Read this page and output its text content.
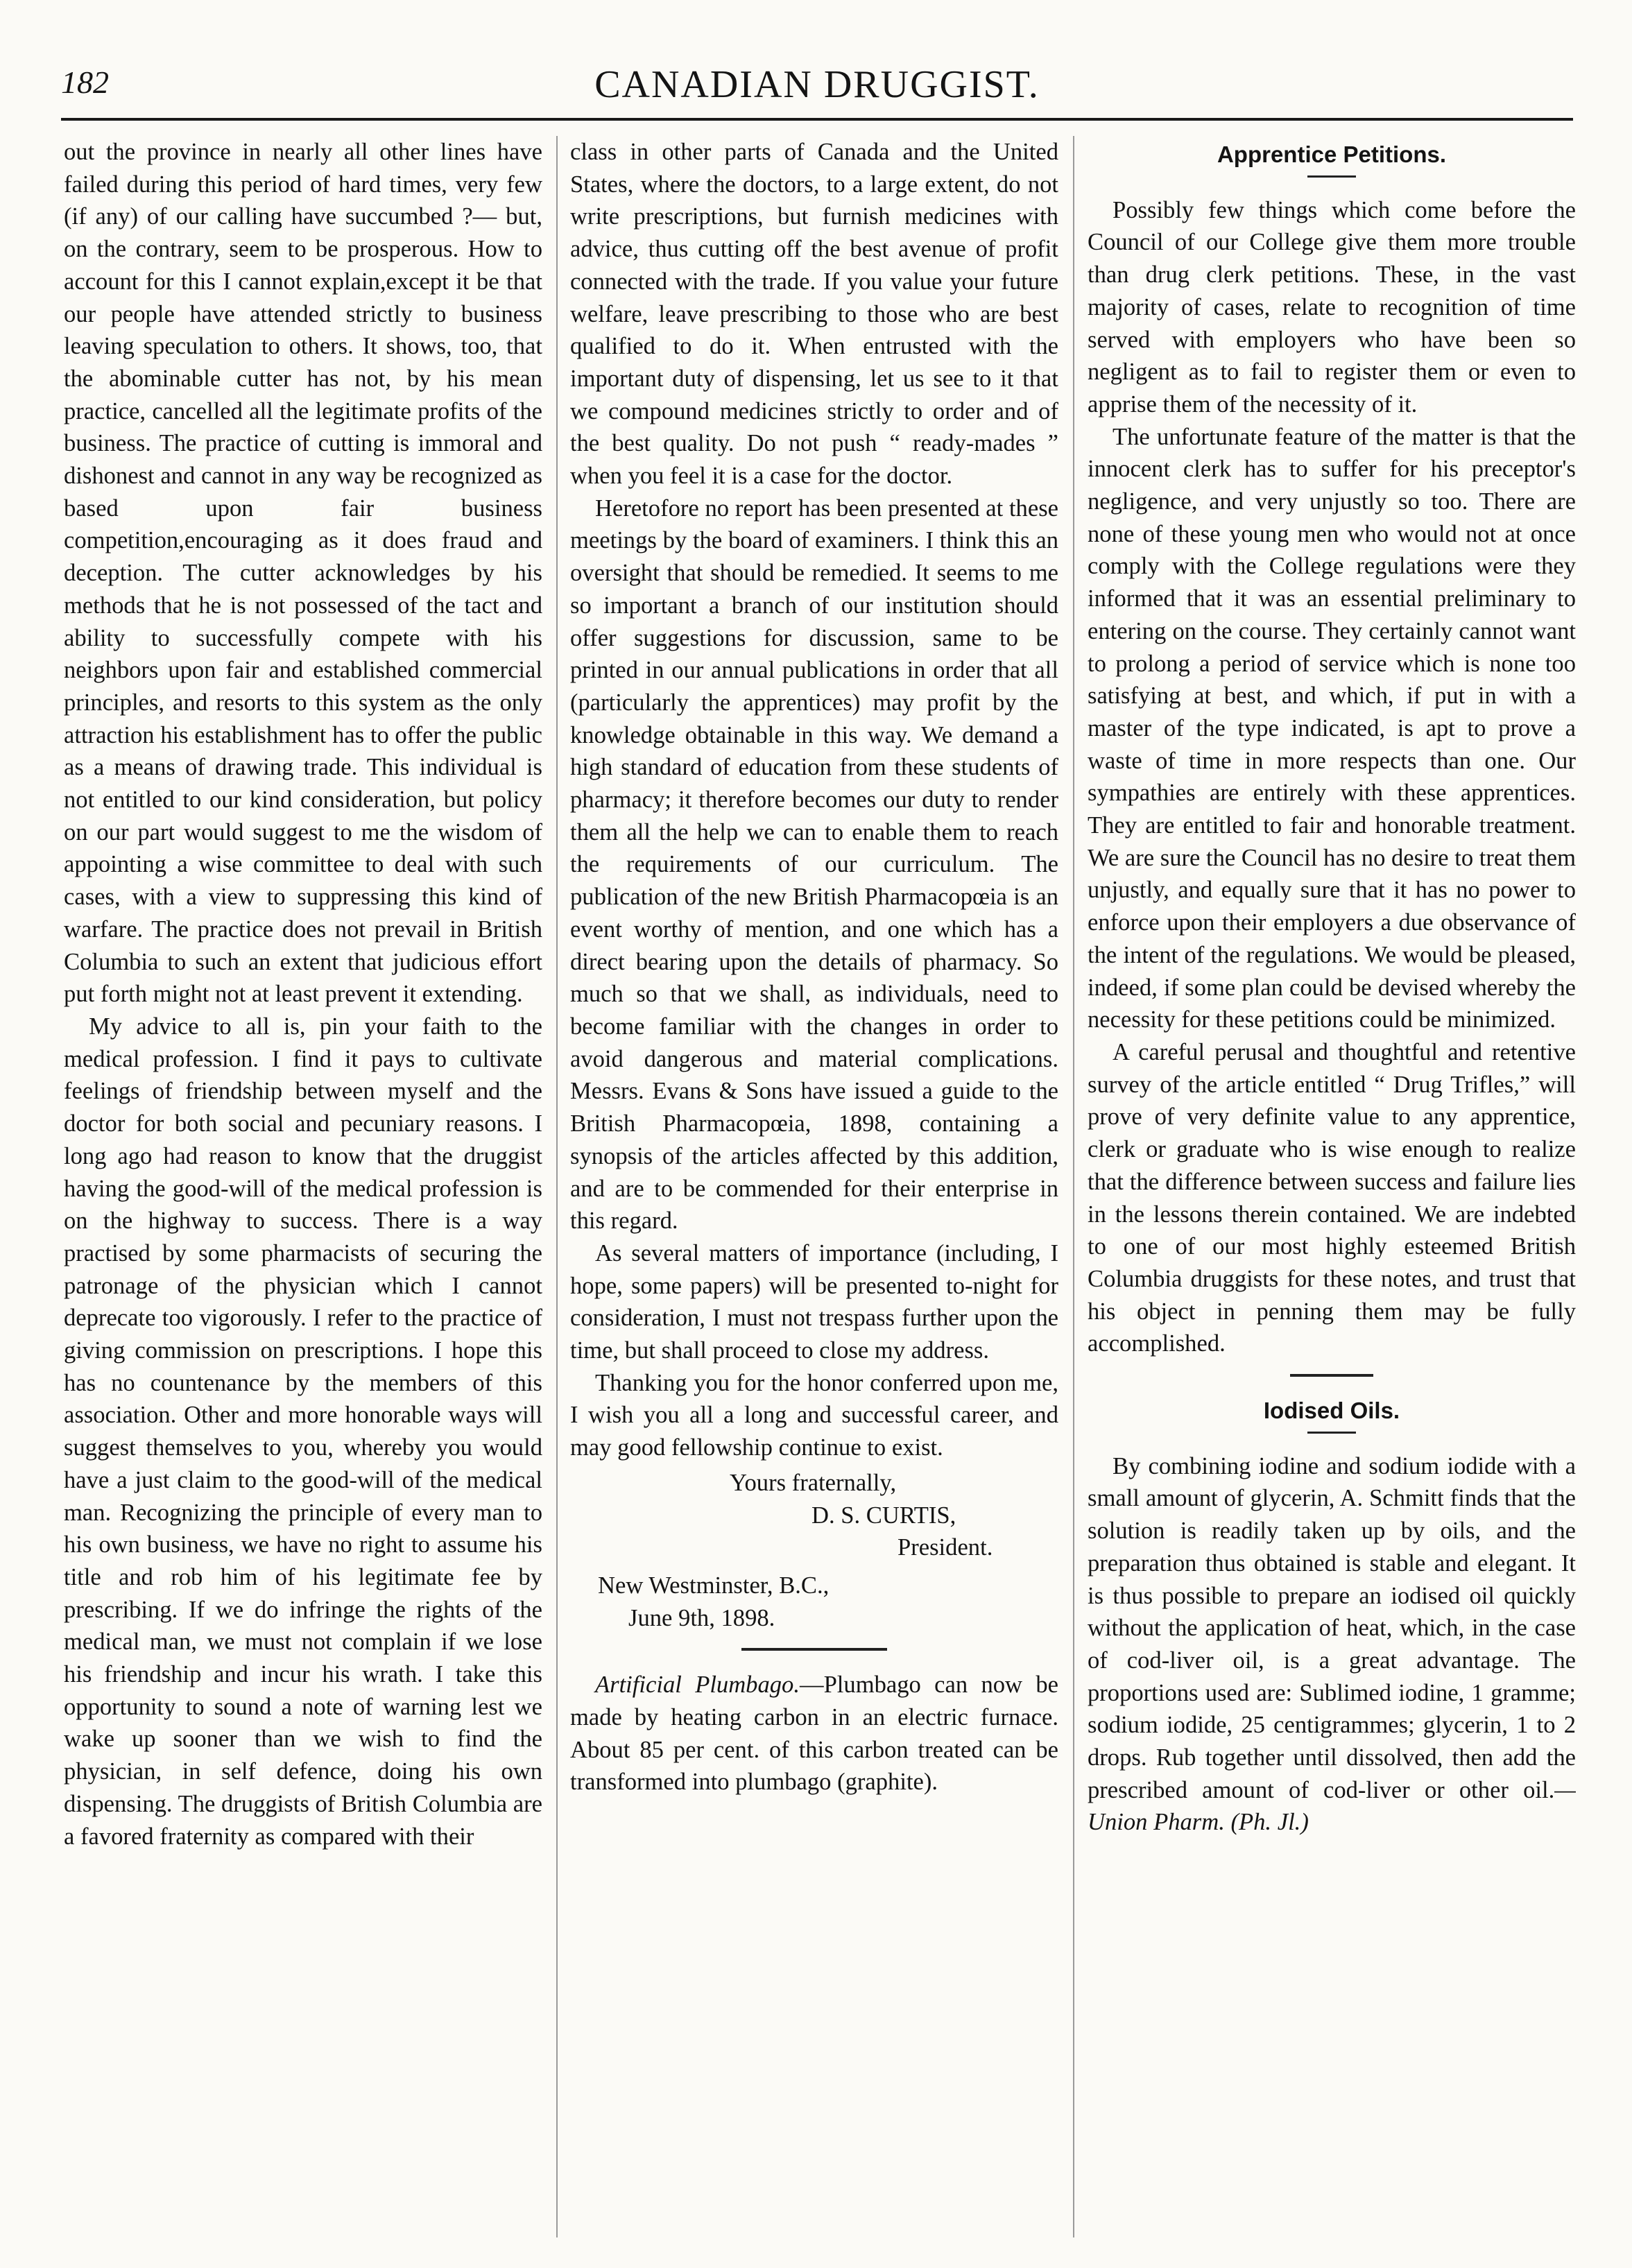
182	CANADIAN DRUGGIST.

out the province in nearly all other lines have failed during this period of hard times, very few (if any) of our calling have succumbed ?— but, on the contrary, seem to be prosperous. How to account for this I cannot explain,except it be that our people have attended strictly to business leaving speculation to others. It shows, too, that the abominable cutter has not, by his mean practice, cancelled all the legitimate profits of the business. The practice of cutting is immoral and dishonest and cannot in any way be recognized as based upon fair business competition,encouraging as it does fraud and deception. The cutter acknowledges by his methods that he is not possessed of the tact and ability to successfully compete with his neighbors upon fair and established commercial principles, and resorts to this system as the only attraction his establishment has to offer the public as a means of drawing trade. This individual is not entitled to our kind consideration, but policy on our part would suggest to me the wisdom of appointing a wise committee to deal with such cases, with a view to suppressing this kind of warfare. The practice does not prevail in British Columbia to such an extent that judicious effort put forth might not at least prevent it extending.

My advice to all is, pin your faith to the medical profession. I find it pays to cultivate feelings of friendship between myself and the doctor for both social and pecuniary reasons. I long ago had reason to know that the druggist having the good-will of the medical profession is on the highway to success. There is a way practised by some pharmacists of securing the patronage of the physician which I cannot deprecate too vigorously. I refer to the practice of giving commission on prescriptions. I hope this has no countenance by the members of this association. Other and more honorable ways will suggest themselves to you, whereby you would have a just claim to the good-will of the medical man. Recognizing the principle of every man to his own business, we have no right to assume his title and rob him of his legitimate fee by prescribing. If we do infringe the rights of the medical man, we must not complain if we lose his friendship and incur his wrath. I take this opportunity to sound a note of warning lest we wake up sooner than we wish to find the physician, in self defence, doing his own dispensing. The druggists of British Columbia are a favored fraternity as compared with their

class in other parts of Canada and the United States, where the doctors, to a large extent, do not write prescriptions, but furnish medicines with advice, thus cutting off the best avenue of profit connected with the trade. If you value your future welfare, leave prescribing to those who are best qualified to do it. When entrusted with the important duty of dispensing, let us see to it that we compound medicines strictly to order and of the best quality. Do not push “ ready-mades ” when you feel it is a case for the doctor.

Heretofore no report has been presented at these meetings by the board of examiners. I think this an oversight that should be remedied. It seems to me so important a branch of our institution should offer suggestions for discussion, same to be printed in our annual publications in order that all (particularly the apprentices) may profit by the knowledge obtainable in this way. We demand a high standard of education from these students of pharmacy; it therefore becomes our duty to render them all the help we can to enable them to reach the requirements of our curriculum. The publication of the new British Pharmacopœia is an event worthy of mention, and one which has a direct bearing upon the details of pharmacy. So much so that we shall, as individuals, need to become familiar with the changes in order to avoid dangerous and material complications. Messrs. Evans & Sons have issued a guide to the British Pharmacopœia, 1898, containing a synopsis of the articles affected by this addition, and are to be commended for their enterprise in this regard.

As several matters of importance (including, I hope, some papers) will be presented to-night for consideration, I must not trespass further upon the time, but shall proceed to close my address.

Thanking you for the honor conferred upon me, I wish you all a long and successful career, and may good fellowship continue to exist.

Yours fraternally,
D. S. CURTIS,
President.
New Westminster, B.C.,
June 9th, 1898.

Artificial Plumbago.—Plumbago can now be made by heating carbon in an electric furnace. About 85 per cent. of this carbon treated can be transformed into plumbago (graphite).

Apprentice Petitions.

Possibly few things which come before the Council of our College give them more trouble than drug clerk petitions. These, in the vast majority of cases, relate to recognition of time served with employers who have been so negligent as to fail to register them or even to apprise them of the necessity of it.

The unfortunate feature of the matter is that the innocent clerk has to suffer for his preceptor's negligence, and very unjustly so too. There are none of these young men who would not at once comply with the College regulations were they informed that it was an essential preliminary to entering on the course. They certainly cannot want to prolong a period of service which is none too satisfying at best, and which, if put in with a master of the type indicated, is apt to prove a waste of time in more respects than one. Our sympathies are entirely with these apprentices. They are entitled to fair and honorable treatment. We are sure the Council has no desire to treat them unjustly, and equally sure that it has no power to enforce upon their employers a due observance of the intent of the regulations. We would be pleased, indeed, if some plan could be devised whereby the necessity for these petitions could be minimized.

A careful perusal and thoughtful and retentive survey of the article entitled “ Drug Trifles,” will prove of very definite value to any apprentice, clerk or graduate who is wise enough to realize that the difference between success and failure lies in the lessons therein contained. We are indebted to one of our most highly esteemed British Columbia druggists for these notes, and trust that his object in penning them may be fully accomplished.

Iodised Oils.

By combining iodine and sodium iodide with a small amount of glycerin, A. Schmitt finds that the solution is readily taken up by oils, and the preparation thus obtained is stable and elegant. It is thus possible to prepare an iodised oil quickly without the application of heat, which, in the case of cod-liver oil, is a great advantage. The proportions used are: Sublimed iodine, 1 gramme; sodium iodide, 25 centigrammes; glycerin, 1 to 2 drops. Rub together until dissolved, then add the prescribed amount of cod-liver or other oil.—Union Pharm. (Ph. Jl.)
